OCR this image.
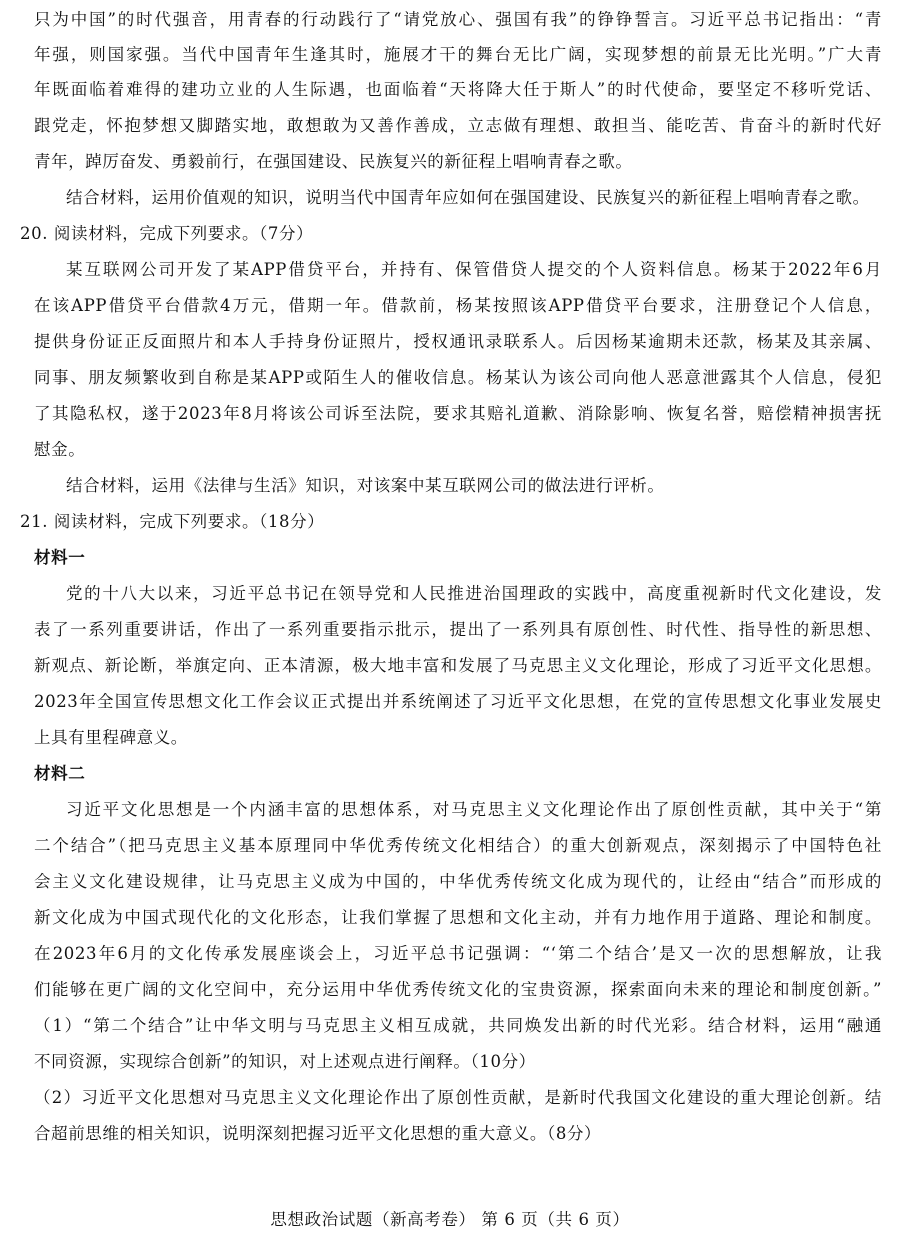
只为中国”的时代强音，用青春的行动践行了“请党放心、强国有我”的铮铮誓言。习近平总书记指出：“青
年强，则国家强。当代中国青年生逢其时，施展才干的舞台无比广阔，实现梦想的前景无比光明。”广大青
年既面临着难得的建功立业的人生际遇，也面临着“天将降大任于斯人”的时代使命，要坚定不移听党话、
跟党走，怀抱梦想又脚踏实地，敢想敢为又善作善成，立志做有理想、敢担当、能吃苦、肯奋斗的新时代好
青年，踔厉奋发、勇毅前行，在强国建设、民族复兴的新征程上唱响青春之歌。
结合材料，运用价值观的知识，说明当代中国青年应如何在强国建设、民族复兴的新征程上唱响青春之歌。
20. 阅读材料，完成下列要求。（7分）
某互联网公司开发了某APP借贷平台，并持有、保管借贷人提交的个人资料信息。杨某于2022年6月
在该APP借贷平台借款4万元，借期一年。借款前，杨某按照该APP借贷平台要求，注册登记个人信息，
提供身份证正反面照片和本人手持身份证照片，授权通讯录联系人。后因杨某逾期未还款，杨某及其亲属、
同事、朋友频繁收到自称是某APP或陌生人的催收信息。杨某认为该公司向他人恶意泄露其个人信息，侵犯
了其隐私权，遂于2023年8月将该公司诉至法院，要求其赔礼道歉、消除影响、恢复名誉，赔偿精神损害抚
慰金。
结合材料，运用《法律与生活》知识，对该案中某互联网公司的做法进行评析。
21. 阅读材料，完成下列要求。（18分）
材料一
党的十八大以来，习近平总书记在领导党和人民推进治国理政的实践中，高度重视新时代文化建设，发
表了一系列重要讲话，作出了一系列重要指示批示，提出了一系列具有原创性、时代性、指导性的新思想、
新观点、新论断，举旗定向、正本清源，极大地丰富和发展了马克思主义文化理论，形成了习近平文化思想。
2023年全国宣传思想文化工作会议正式提出并系统阐述了习近平文化思想，在党的宣传思想文化事业发展史
上具有里程碑意义。
材料二
习近平文化思想是一个内涵丰富的思想体系，对马克思主义文化理论作出了原创性贡献，其中关于“第
二个结合”（把马克思主义基本原理同中华优秀传统文化相结合）的重大创新观点，深刻揭示了中国特色社
会主义文化建设规律，让马克思主义成为中国的，中华优秀传统文化成为现代的，让经由“结合”而形成的
新文化成为中国式现代化的文化形态，让我们掌握了思想和文化主动，并有力地作用于道路、理论和制度。
在2023年6月的文化传承发展座谈会上，习近平总书记强调：“‘第二个结合’是又一次的思想解放，让我
们能够在更广阔的文化空间中，充分运用中华优秀传统文化的宝贵资源，探索面向未来的理论和制度创新。”
（1）“第二个结合”让中华文明与马克思主义相互成就，共同焕发出新的时代光彩。结合材料，运用“融通
不同资源，实现综合创新”的知识，对上述观点进行阐释。（10分）
（2）习近平文化思想对马克思主义文化理论作出了原创性贡献，是新时代我国文化建设的重大理论创新。结
合超前思维的相关知识，说明深刻把握习近平文化思想的重大意义。（8分）
思想政治试题（新高考卷） 第 6 页（共 6 页）
